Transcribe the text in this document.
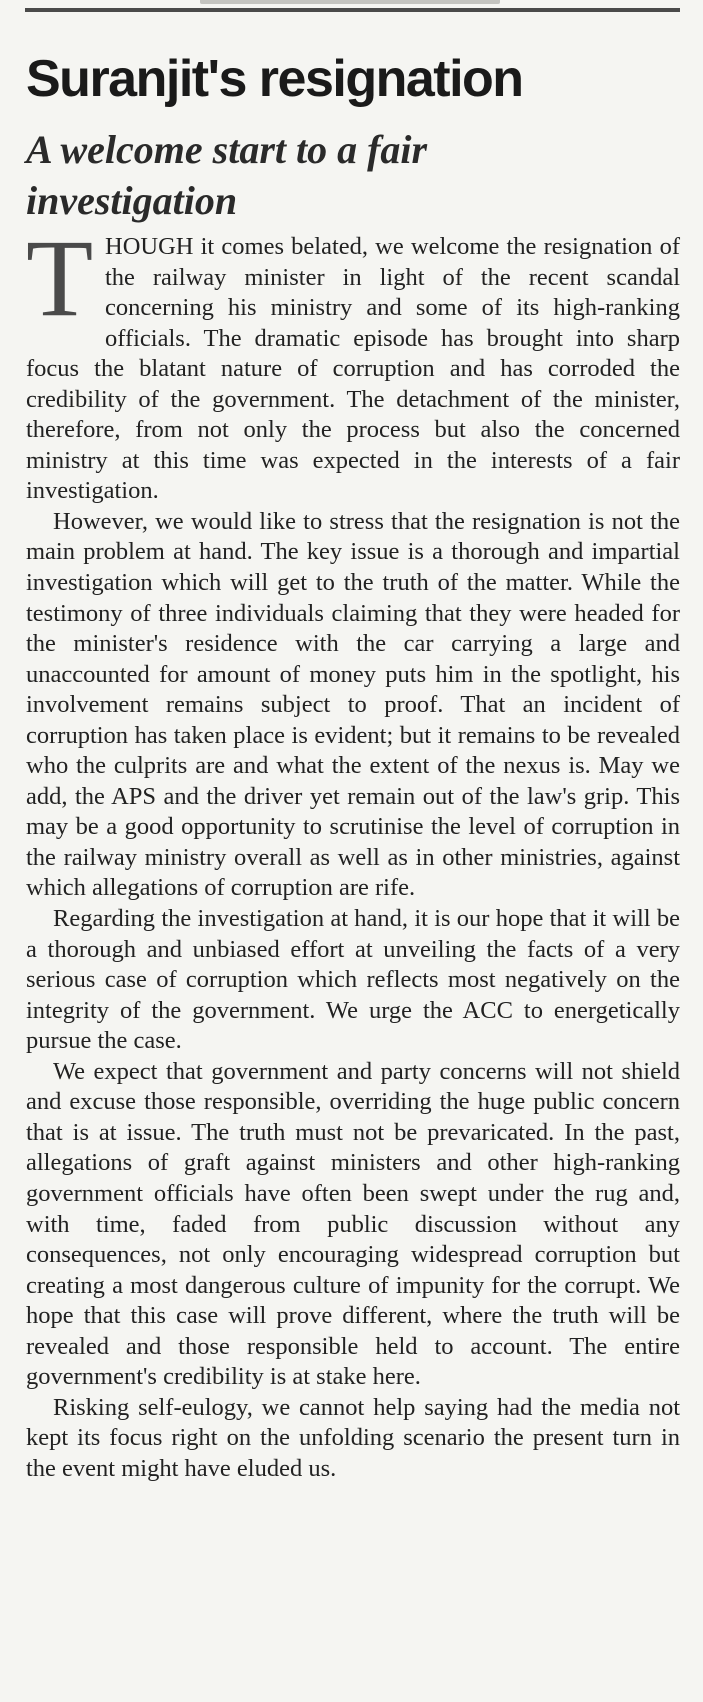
Suranjit's resignation
A welcome start to a fair investigation

THOUGH it comes belated, we welcome the resignation of the railway minister in light of the recent scandal concerning his ministry and some of its high-ranking officials. The dramatic episode has brought into sharp focus the blatant nature of corruption and has corroded the credibility of the government. The detachment of the minister, therefore, from not only the process but also the concerned ministry at this time was expected in the interests of a fair investigation.

However, we would like to stress that the resignation is not the main problem at hand. The key issue is a thorough and impartial investigation which will get to the truth of the matter. While the testimony of three individuals claiming that they were headed for the minister's residence with the car carrying a large and unaccounted for amount of money puts him in the spotlight, his involvement remains subject to proof. That an incident of corruption has taken place is evident; but it remains to be revealed who the culprits are and what the extent of the nexus is. May we add, the APS and the driver yet remain out of the law's grip. This may be a good opportunity to scrutinise the level of corruption in the railway ministry overall as well as in other ministries, against which allegations of corruption are rife.

Regarding the investigation at hand, it is our hope that it will be a thorough and unbiased effort at unveiling the facts of a very serious case of corruption which reflects most negatively on the integrity of the government. We urge the ACC to energetically pursue the case.

We expect that government and party concerns will not shield and excuse those responsible, overriding the huge public concern that is at issue. The truth must not be prevaricated. In the past, allegations of graft against ministers and other high-ranking government officials have often been swept under the rug and, with time, faded from public discussion without any consequences, not only encouraging widespread corruption but creating a most dangerous culture of impunity for the corrupt. We hope that this case will prove different, where the truth will be revealed and those responsible held to account. The entire government's credibility is at stake here.

Risking self-eulogy, we cannot help saying had the media not kept its focus right on the unfolding scenario the present turn in the event might have eluded us.
